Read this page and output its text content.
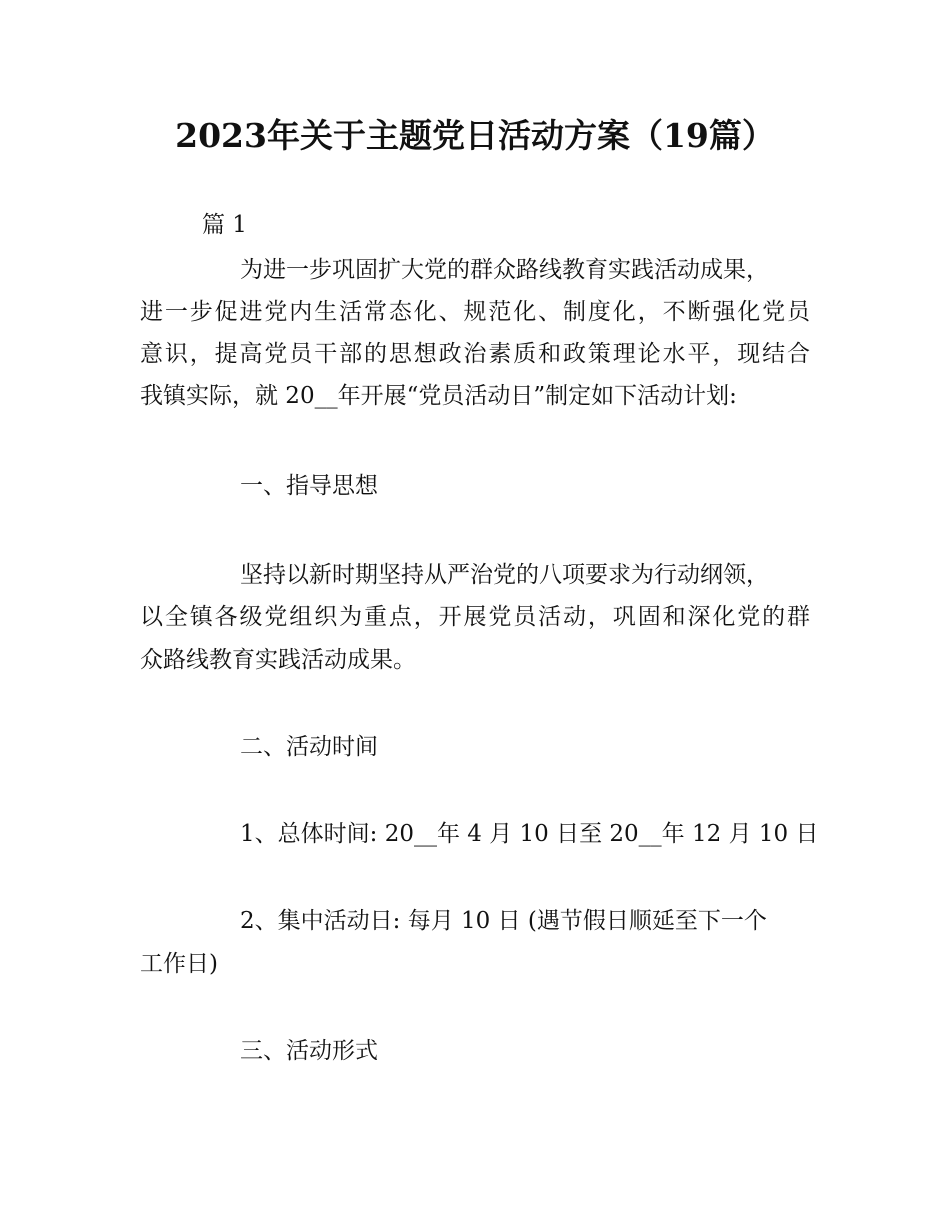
2023年关于主题党日活动方案（19篇）

篇 1

为进一步巩固扩大党的群众路线教育实践活动成果，

进一步促进党内生活常态化、规范化、制度化，不断强化党员

意识，提高党员干部的思想政治素质和政策理论水平，现结合

我镇实际，就 20__年开展“党员活动日”制定如下活动计划:

一、指导思想

坚持以新时期坚持从严治党的八项要求为行动纲领，

以全镇各级党组织为重点，开展党员活动，巩固和深化党的群

众路线教育实践活动成果。

二、活动时间

1、总体时间: 20__年 4 月 10 日至 20__年 12 月 10 日

2、集中活动日: 每月 10 日 (遇节假日顺延至下一个

工作日)

三、活动形式
